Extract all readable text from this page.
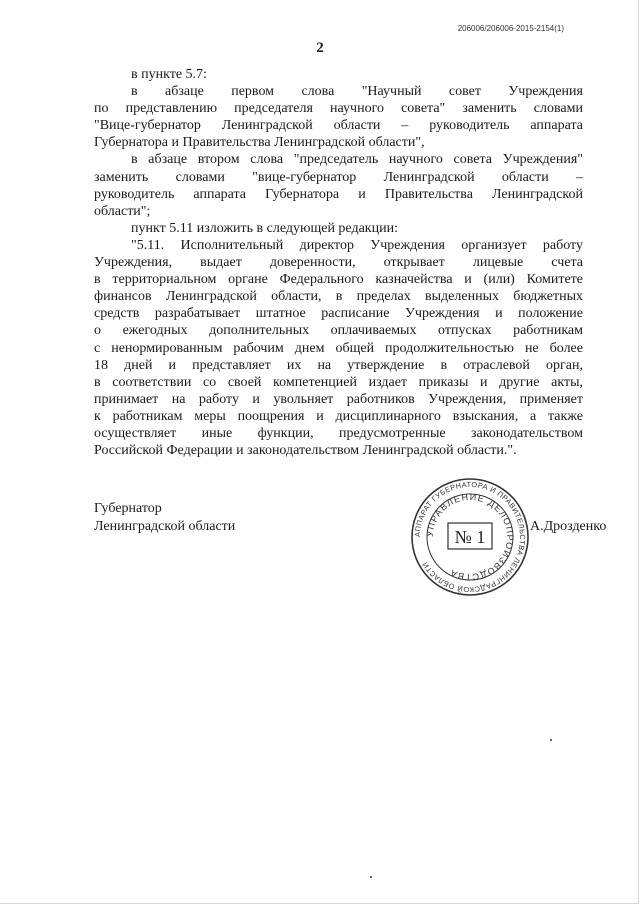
206006/206006-2015-2154(1)
2

в пункте 5.7:

в абзаце первом слова "Научный совет Учреждения

по представлению председателя научного совета" заменить словами

"Вице-губернатор Ленинградской области – руководитель аппарата

Губернатора и Правительства Ленинградской области",

в абзаце втором слова "председатель научного совета Учреждения"

заменить словами "вице-губернатор Ленинградской области –

руководитель аппарата Губернатора и Правительства Ленинградской

области";

пункт 5.11 изложить в следующей редакции:

"5.11. Исполнительный директор Учреждения организует работу

Учреждения, выдает доверенности, открывает лицевые счета

в территориальном органе Федерального казначейства и (или) Комитете

финансов Ленинградской области, в пределах выделенных бюджетных

средств разрабатывает штатное расписание Учреждения и положение

о ежегодных дополнительных оплачиваемых отпусках работникам

с ненормированным рабочим днем общей продолжительностью не более

18 дней и представляет их на утверждение в отраслевой орган,

в соответствии со своей компетенцией издает приказы и другие акты,

принимает на работу и увольняет работников Учреждения, применяет

к работникам меры поощрения и дисциплинарного взыскания, а также

осуществляет иные функции, предусмотренные законодательством

Российской Федерации и законодательством Ленинградской области.".

Губернатор
Ленинградской области	А.Дрозденко
АППАРАТ ГУБЕРНАТОРА И ПРАВИТЕЛЬСТВА ЛЕНИНГРАДСКОЙ ОБЛАСТИ
УПРАВЛЕНИЕ ДЕЛОПРОИЗВОДСТВА
№ 1
